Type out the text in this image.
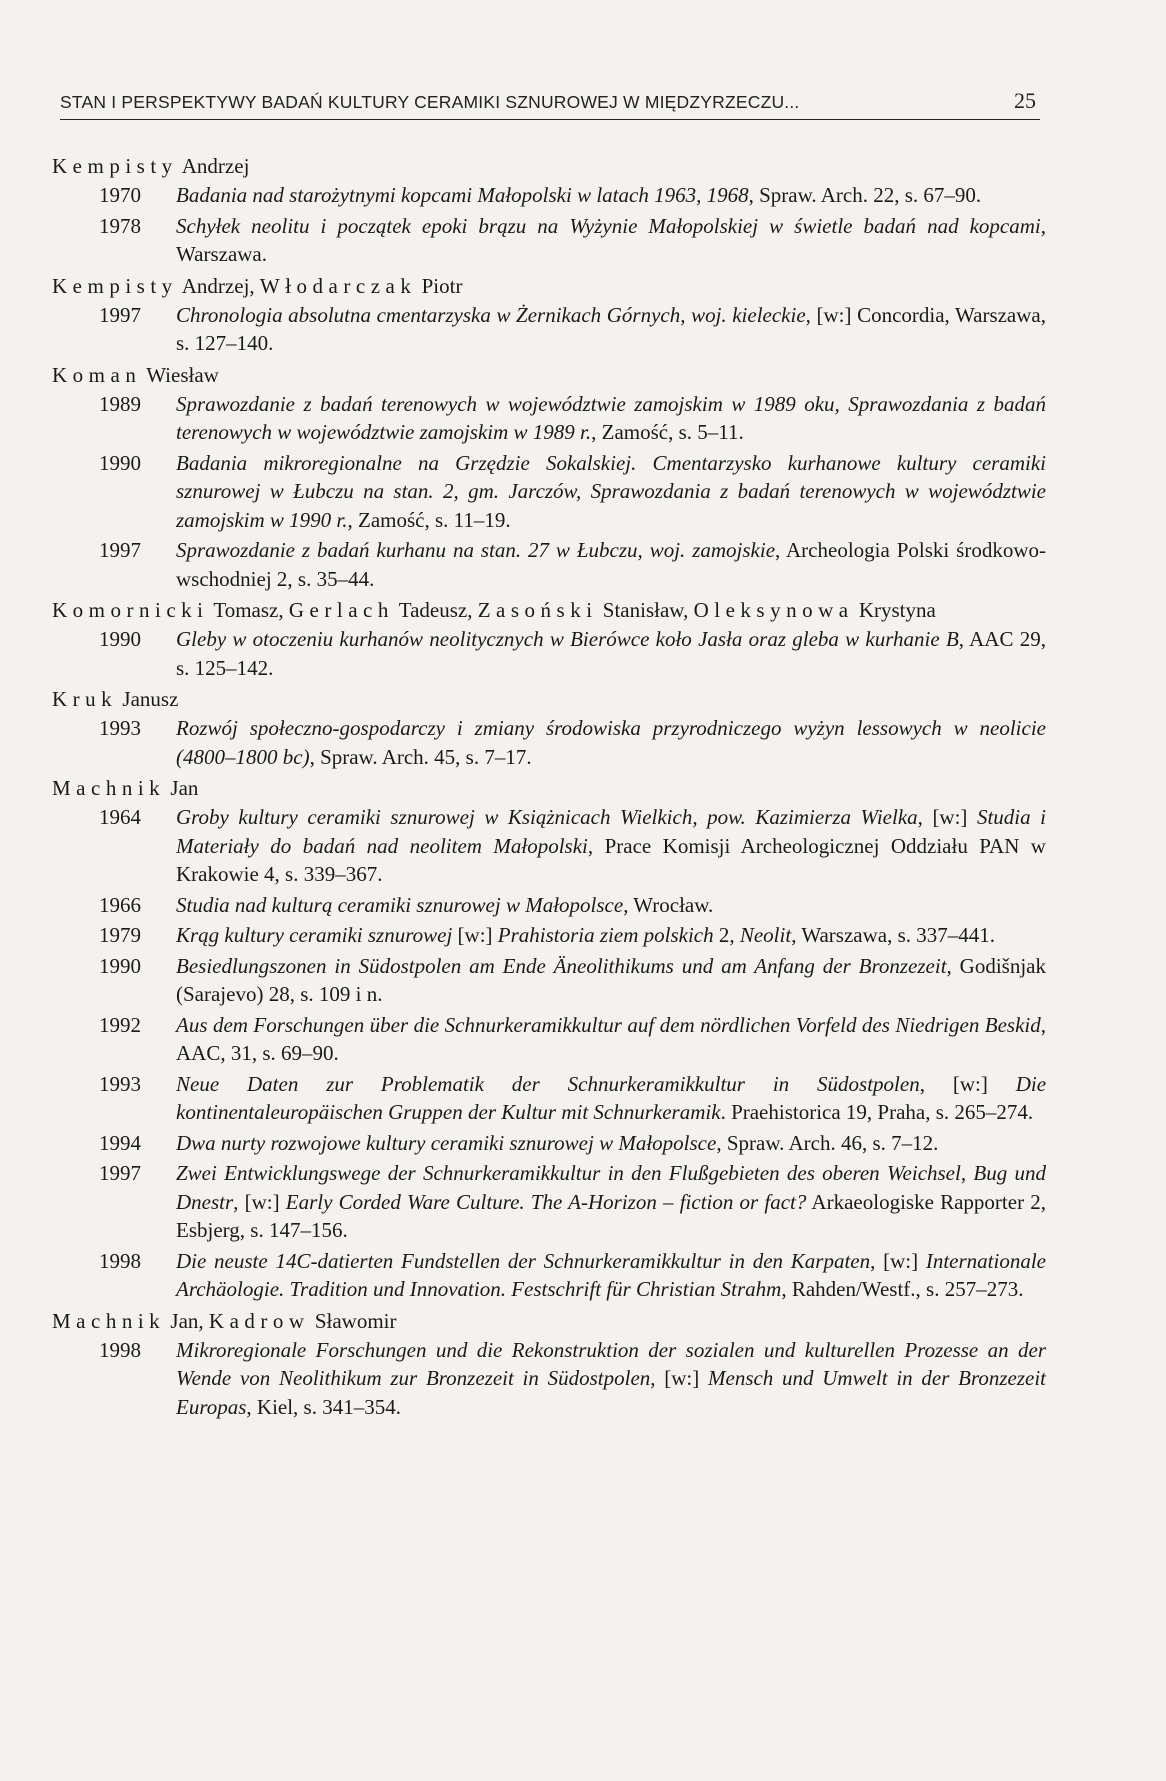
STAN I PERSPEKTYWY BADAŃ KULTURY CERAMIKI SZNUROWEJ W MIĘDZYRZECZU...	25

Kempisty Andrzej

1970	Badania nad starożytnymi kopcami Małopolski w latach 1963, 1968, Spraw. Arch. 22, s. 67–90.
1978	Schyłek neolitu i początek epoki brązu na Wyżynie Małopolskiej w świetle badań nad kopcami, Warszawa.

Kempisty Andrzej, Włodarczak Piotr

1997	Chronologia absolutna cmentarzyska w Żernikach Górnych, woj. kieleckie, [w:] Concordia, Warszawa, s. 127–140.

Koman Wiesław

1989	Sprawozdanie z badań terenowych w województwie zamojskim w 1989 oku, Sprawozdania z badań terenowych w województwie zamojskim w 1989 r., Zamość, s. 5–11.
1990	Badania mikroregionalne na Grzędzie Sokalskiej. Cmentarzysko kurhanowe kultury ceramiki sznurowej w Łubczu na stan. 2, gm. Jarczów, Sprawozdania z badań terenowych w województwie zamojskim w 1990 r., Zamość, s. 11–19.
1997	Sprawozdanie z badań kurhanu na stan. 27 w Łubczu, woj. zamojskie, Archeologia Polski środkowo-wschodniej 2, s. 35–44.

Komornicki Tomasz, Gerlach Tadeusz, Zasoński Stanisław, Oleksynowa Krystyna

1990	Gleby w otoczeniu kurhanów neolitycznych w Bierówce koło Jasła oraz gleba w kurhanie B, AAC 29, s. 125–142.

Kruk Janusz

1993	Rozwój społeczno-gospodarczy i zmiany środowiska przyrodniczego wyżyn lessowych w neolicie (4800–1800 bc), Spraw. Arch. 45, s. 7–17.

Machnik Jan

1964	Groby kultury ceramiki sznurowej w Książnicach Wielkich, pow. Kazimierza Wielka, [w:] Studia i Materiały do badań nad neolitem Małopolski, Prace Komisji Archeologicznej Oddziału PAN w Krakowie 4, s. 339–367.
1966	Studia nad kulturą ceramiki sznurowej w Małopolsce, Wrocław.
1979	Krąg kultury ceramiki sznurowej [w:] Prahistoria ziem polskich 2, Neolit, Warszawa, s. 337–441.
1990	Besiedlungszonen in Südostpolen am Ende Äneolithikums und am Anfang der Bronzezeit, Godišnjak (Sarajevo) 28, s. 109 i n.
1992	Aus dem Forschungen über die Schnurkeramikkultur auf dem nördlichen Vorfeld des Niedrigen Beskid, AAC, 31, s. 69–90.
1993	Neue Daten zur Problematik der Schnurkeramikkultur in Südostpolen, [w:] Die kontinentaleuropäischen Gruppen der Kultur mit Schnurkeramik. Praehistorica 19, Praha, s. 265–274.
1994	Dwa nurty rozwojowe kultury ceramiki sznurowej w Małopolsce, Spraw. Arch. 46, s. 7–12.
1997	Zwei Entwicklungswege der Schnurkeramikkultur in den Flußgebieten des oberen Weichsel, Bug und Dnestr, [w:] Early Corded Ware Culture. The A-Horizon – fiction or fact? Arkaeologiske Rapporter 2, Esbjerg, s. 147–156.
1998	Die neuste 14C-datierten Fundstellen der Schnurkeramikkultur in den Karpaten, [w:] Internationale Archäologie. Tradition und Innovation. Festschrift für Christian Strahm, Rahden/Westf., s. 257–273.

Machnik Jan, Kadrow Sławomir

1998	Mikroregionale Forschungen und die Rekonstruktion der sozialen und kulturellen Prozesse an der Wende von Neolithikum zur Bronzezeit in Südostpolen, [w:] Mensch und Umwelt in der Bronzezeit Europas, Kiel, s. 341–354.
